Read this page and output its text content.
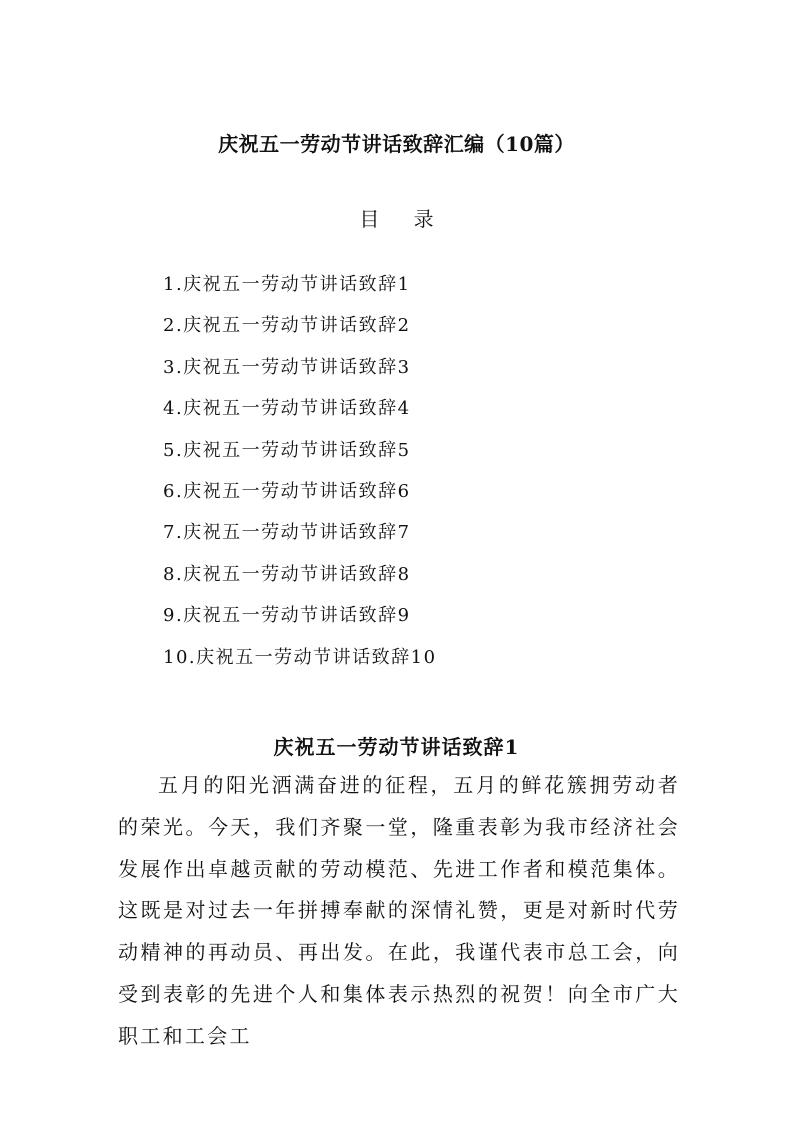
庆祝五一劳动节讲话致辞汇编（10篇）
目 录
1.庆祝五一劳动节讲话致辞1
2.庆祝五一劳动节讲话致辞2
3.庆祝五一劳动节讲话致辞3
4.庆祝五一劳动节讲话致辞4
5.庆祝五一劳动节讲话致辞5
6.庆祝五一劳动节讲话致辞6
7.庆祝五一劳动节讲话致辞7
8.庆祝五一劳动节讲话致辞8
9.庆祝五一劳动节讲话致辞9
10.庆祝五一劳动节讲话致辞10
庆祝五一劳动节讲话致辞1

五月的阳光洒满奋进的征程，五月的鲜花簇拥劳动者的荣光。今天，我们齐聚一堂，隆重表彰为我市经济社会发展作出卓越贡献的劳动模范、先进工作者和模范集体。这既是对过去一年拼搏奉献的深情礼赞，更是对新时代劳动精神的再动员、再出发。在此，我谨代表市总工会，向受到表彰的先进个人和集体表示热烈的祝贺！向全市广大职工和工会工
